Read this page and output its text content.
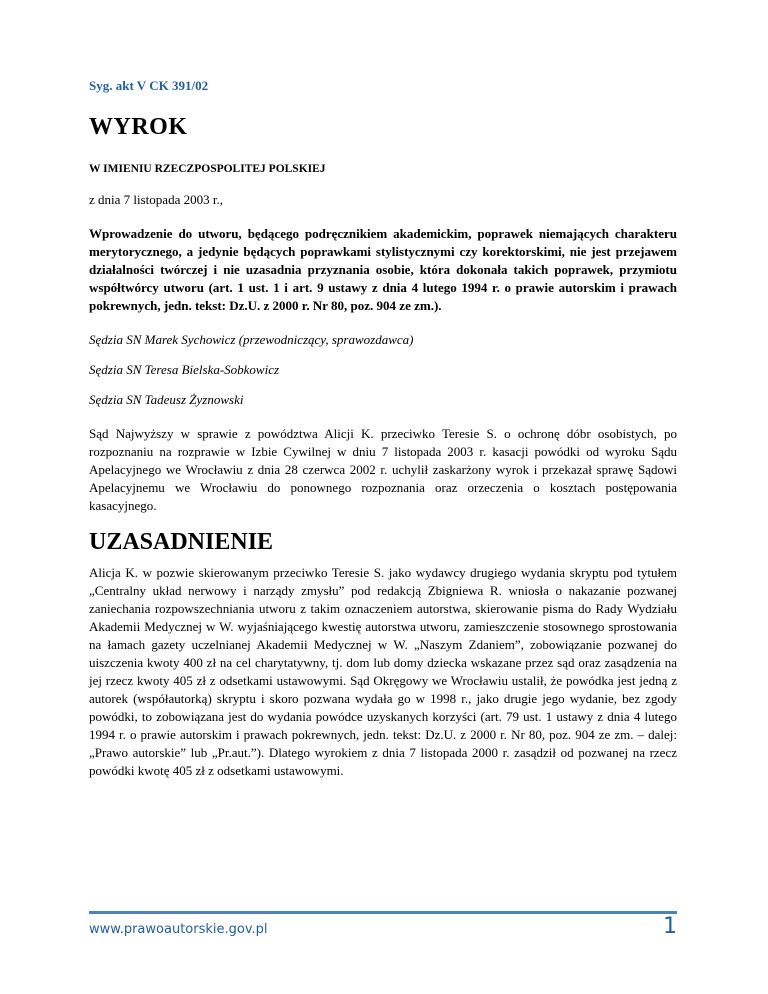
Syg. akt V CK 391/02

WYROK

W IMIENIU RZECZPOSPOLITEJ POLSKIEJ

z dnia 7 listopada 2003 r.,

Wprowadzenie do utworu, będącego podręcznikiem akademickim, poprawek niemających charakteru merytorycznego, a jedynie będących poprawkami stylistycznymi czy korektorskimi, nie jest przejawem działalności twórczej i nie uzasadnia przyznania osobie, która dokonała takich poprawek, przymiotu współtwórcy utworu (art. 1 ust. 1 i art. 9 ustawy z dnia 4 lutego 1994 r. o prawie autorskim i prawach pokrewnych, jedn. tekst: Dz.U. z 2000 r. Nr 80, poz. 904 ze zm.).

Sędzia SN Marek Sychowicz (przewodniczący, sprawozdawca)

Sędzia SN Teresa Bielska-Sobkowicz

Sędzia SN Tadeusz Żyznowski

Sąd Najwyższy w sprawie z powództwa Alicji K. przeciwko Teresie S. o ochronę dóbr osobistych, po rozpoznaniu na rozprawie w Izbie Cywilnej w dniu 7 listopada 2003 r. kasacji powódki od wyroku Sądu Apelacyjnego we Wrocławiu z dnia 28 czerwca 2002 r. uchylił zaskarżony wyrok i przekazał sprawę Sądowi Apelacyjnemu we Wrocławiu do ponownego rozpoznania oraz orzeczenia o kosztach postępowania kasacyjnego.

UZASADNIENIE

Alicja K. w pozwie skierowanym przeciwko Teresie S. jako wydawcy drugiego wydania skryptu pod tytułem „Centralny układ nerwowy i narządy zmysłu” pod redakcją Zbigniewa R. wniosła o nakazanie pozwanej zaniechania rozpowszechniania utworu z takim oznaczeniem autorstwa, skierowanie pisma do Rady Wydziału Akademii Medycznej w W. wyjaśniającego kwestię autorstwa utworu, zamieszczenie stosownego sprostowania na łamach gazety uczelnianej Akademii Medycznej w W. „Naszym Zdaniem”, zobowiązanie pozwanej do uiszczenia kwoty 400 zł na cel charytatywny, tj. dom lub domy dziecka wskazane przez sąd oraz zasądzenia na jej rzecz kwoty 405 zł z odsetkami ustawowymi. Sąd Okręgowy we Wrocławiu ustalił, że powódka jest jedną z autorek (współautorką) skryptu i skoro pozwana wydała go w 1998 r., jako drugie jego wydanie, bez zgody powódki, to zobowiązana jest do wydania powódce uzyskanych korzyści (art. 79 ust. 1 ustawy z dnia 4 lutego 1994 r. o prawie autorskim i prawach pokrewnych, jedn. tekst: Dz.U. z 2000 r. Nr 80, poz. 904 ze zm. – dalej: „Prawo autorskie” lub „Pr.aut.”). Dlatego wyrokiem z dnia 7 listopada 2000 r. zasądził od pozwanej na rzecz powódki kwotę 405 zł z odsetkami ustawowymi.

www.prawoautorskie.gov.pl	1
